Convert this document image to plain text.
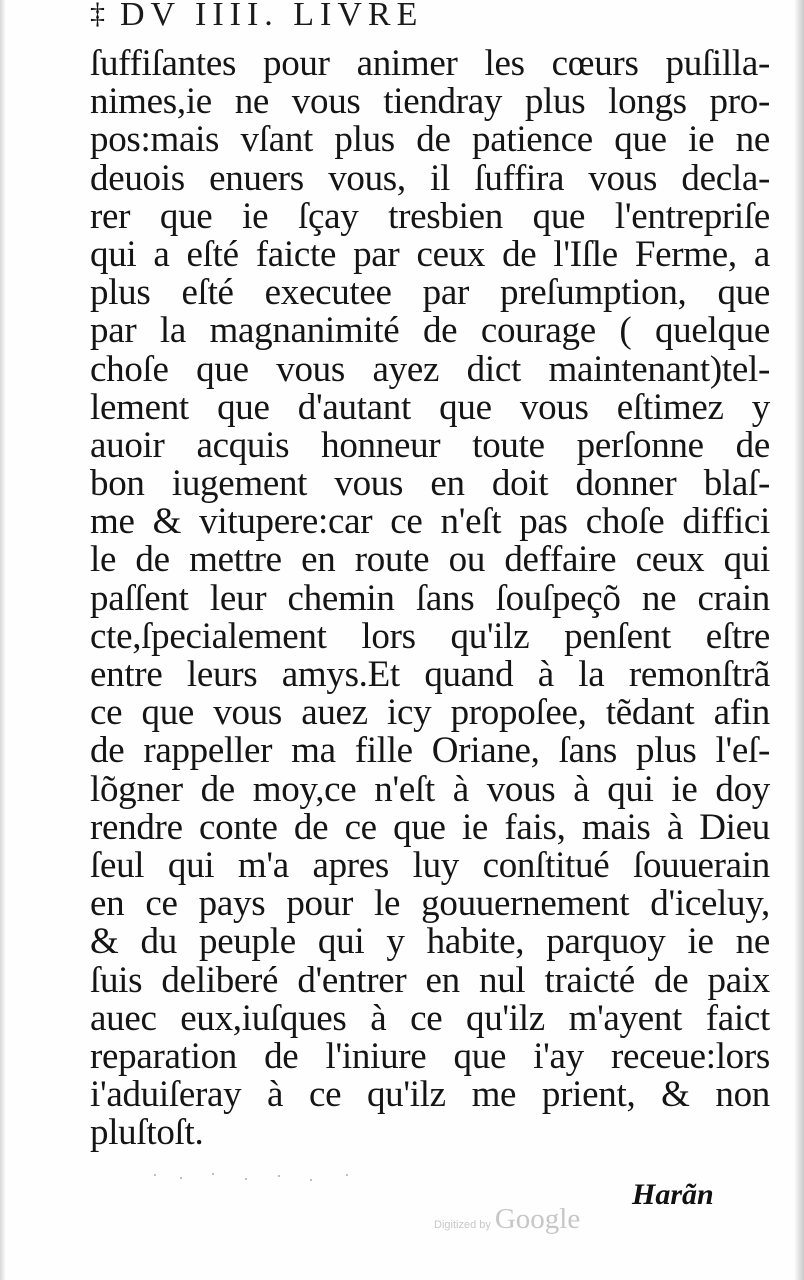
‡ DV IIII. LIVRE
ſuffiſantes pour animer les cœurs puſilla-
nimes,ie ne vous tiendray plus longs pro-
pos:mais vſant plus de patience que ie ne
deuois enuers vous, il ſuffira vous decla-
rer que ie ſçay tresbien que l'entrepriſe
qui a eſté faicte par ceux de l'Iſle Ferme, a
plus eſté executee par preſumption, que
par la magnanimité de courage ( quelque
choſe que vous ayez dict maintenant)tel-
lement que d'autant que vous eſtimez y
auoir acquis honneur toute perſonne de
bon iugement vous en doit donner blaſ-
me & vitupere:car ce n'eſt pas choſe diffici
le de mettre en route ou deffaire ceux qui
paſſent leur chemin ſans ſouſpeçõ ne crain
cte,ſpecialement lors qu'ilz penſent eſtre
entre leurs amys.Et quand à la remonſtrã
ce que vous auez icy propoſee, tẽdant afin
de rappeller ma fille Oriane, ſans plus l'eſ-
lõgner de moy,ce n'eſt à vous à qui ie doy
rendre conte de ce que ie fais, mais à Dieu
ſeul qui m'a apres luy conſtitué ſouuerain
en ce pays pour le gouuernement d'iceluy,
& du peuple qui y habite, parquoy ie ne
ſuis deliberé d'entrer en nul traicté de paix
auec eux,iuſques à ce qu'ilz m'ayent faict
reparation de l'iniure que i'ay receue:lors
i'aduiſeray à ce qu'ilz me prient, & non
pluſtoſt.
Digitized by Google
Harãn
